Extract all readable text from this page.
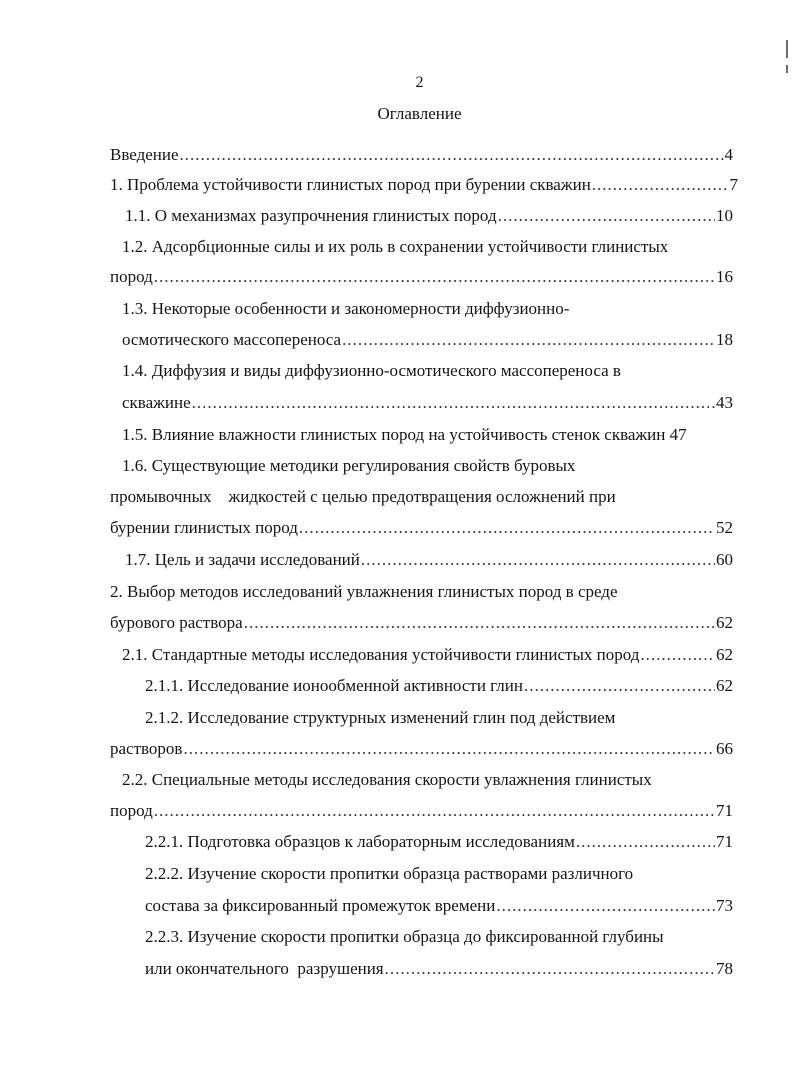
2
Оглавление
Введение .....	4
1. Проблема устойчивости глинистых пород при бурении скважин .....	7
1.1. О механизмах разупрочнения глинистых пород .....	10
1.2. Адсорбционные силы и их роль в сохранении устойчивости глинистых
пород .....	16
1.3. Некоторые особенности и закономерности диффузионно-
осмотического массопереноса .....	18
1.4. Диффузия и виды диффузионно-осмотического массопереноса в
скважине .....	43
1.5. Влияние влажности глинистых пород на устойчивость стенок скважин 47
1.6. Существующие методики регулирования свойств буровых
промывочных    жидкостей с целью предотвращения осложнений при
бурении глинистых пород .....	52
1.7. Цель и задачи исследований .....	60
2. Выбор методов исследований увлажнения глинистых пород в среде
бурового раствора .....	62
2.1. Стандартные методы исследования устойчивости глинистых пород .....	62
2.1.1. Исследование ионообменной активности глин .....	62
2.1.2. Исследование структурных изменений глин под действием
растворов .....	66
2.2. Специальные методы исследования скорости увлажнения глинистых
пород .....	71
2.2.1. Подготовка образцов к лабораторным исследованиям .....	71
2.2.2. Изучение скорости пропитки образца растворами различного
состава за фиксированный промежуток времени .....	73
2.2.3. Изучение скорости пропитки образца до фиксированной глубины
или окончательного  разрушения .....	78
